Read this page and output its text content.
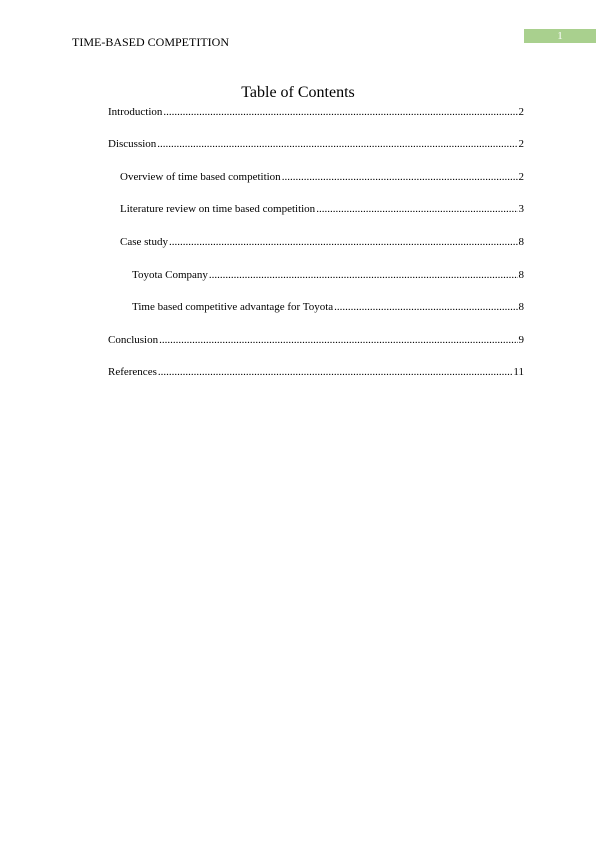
TIME-BASED COMPETITION	1
Table of Contents
Introduction .....	2
Discussion .....	2
Overview of time based competition .....	2
Literature review on time based competition .....	3
Case study .....	8
Toyota Company .....	8
Time based competitive advantage for Toyota .....	8
Conclusion .....	9
References .....	11
